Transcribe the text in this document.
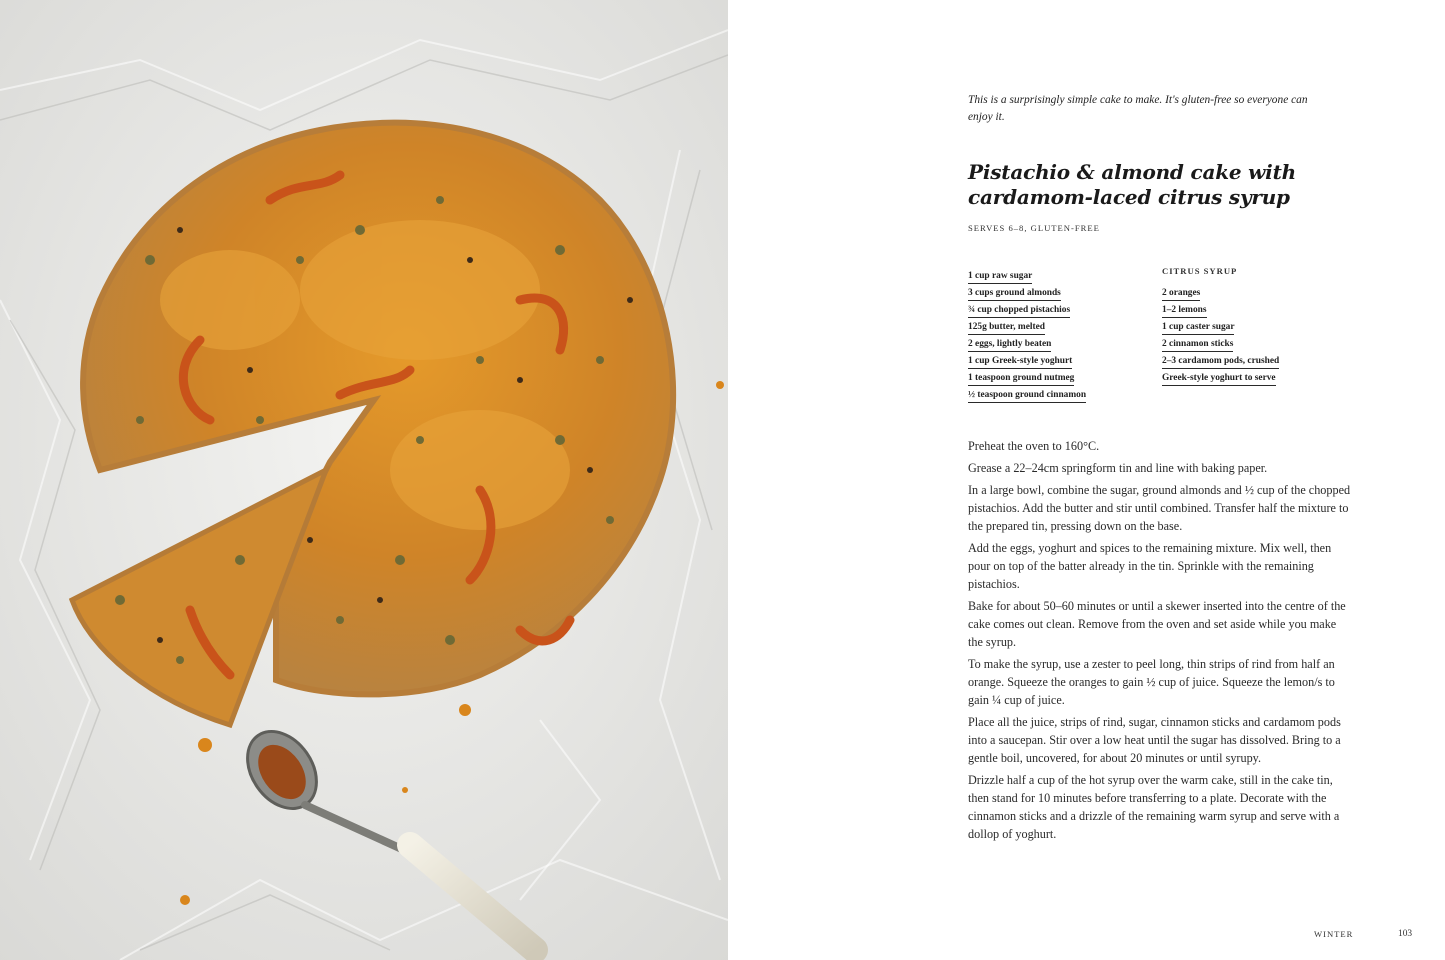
This is a surprisingly simple cake to make. It's gluten-free so everyone can enjoy it.
Pistachio & almond cake with
cardamom-laced citrus syrup
SERVES 6–8, GLUTEN-FREE
1 cup raw sugar
3 cups ground almonds
¾ cup chopped pistachios
125g butter, melted
2 eggs, lightly beaten
1 cup Greek-style yoghurt
1 teaspoon ground nutmeg
½ teaspoon ground cinnamon
CITRUS SYRUP
2 oranges
1–2 lemons
1 cup caster sugar
2 cinnamon sticks
2–3 cardamom pods, crushed
Greek-style yoghurt to serve
Preheat the oven to 160°C.
Grease a 22–24cm springform tin and line with baking paper.
In a large bowl, combine the sugar, ground almonds and ½ cup of the chopped pistachios. Add the butter and stir until combined. Transfer half the mixture to the prepared tin, pressing down on the base.
Add the eggs, yoghurt and spices to the remaining mixture. Mix well, then pour on top of the batter already in the tin. Sprinkle with the remaining pistachios.
Bake for about 50–60 minutes or until a skewer inserted into the centre of the cake comes out clean. Remove from the oven and set aside while you make the syrup.
To make the syrup, use a zester to peel long, thin strips of rind from half an orange. Squeeze the oranges to gain ½ cup of juice. Squeeze the lemon/s to gain ¼ cup of juice.
Place all the juice, strips of rind, sugar, cinnamon sticks and cardamom pods into a saucepan. Stir over a low heat until the sugar has dissolved. Bring to a gentle boil, uncovered, for about 20 minutes or until syrupy.
Drizzle half a cup of the hot syrup over the warm cake, still in the cake tin, then stand for 10 minutes before transferring to a plate. Decorate with the cinnamon sticks and a drizzle of the remaining warm syrup and serve with a dollop of yoghurt.
WINTER	103
